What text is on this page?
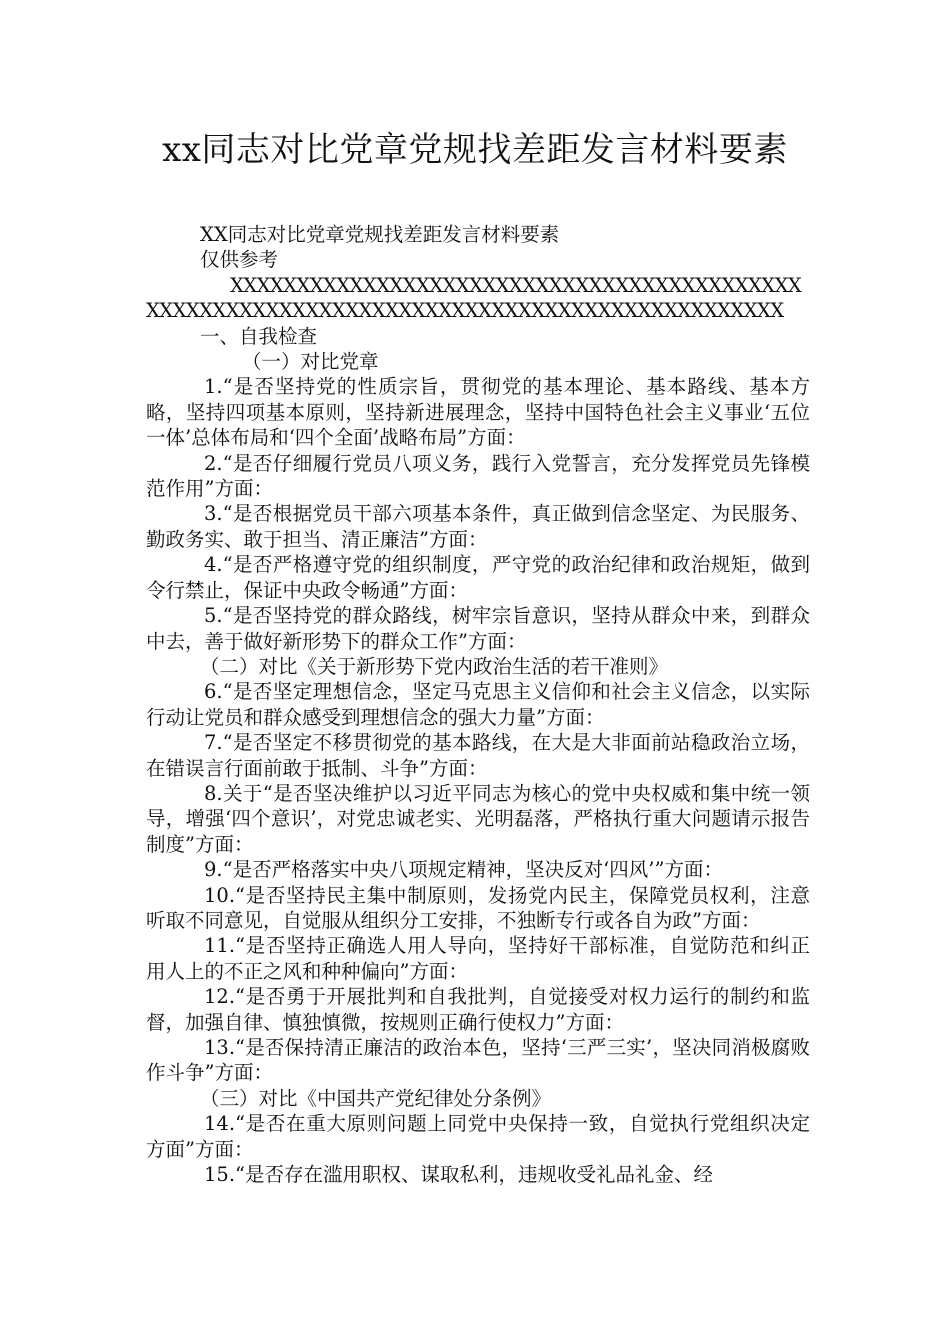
xx同志对比党章党规找差距发言材料要素

XX同志对比党章党规找差距发言材料要素

仅供参考

XXXXXXXXXXXXXXXXXXXXXXXXXXXXXXXXXXXXXXXXXXXXXXXXXXXXXXXXXXXXXXXXXXXXXXXXXXXXXXXXXXXXXXXXXXX

一、自我检查

（一）对比党章

1.“是否坚持党的性质宗旨，贯彻党的基本理论、基本路线、基本方略，坚持四项基本原则，坚持新进展理念，坚持中国特色社会主义事业‘五位一体’总体布局和‘四个全面’战略布局”方面：

2.“是否仔细履行党员八项义务，践行入党誓言，充分发挥党员先锋模范作用”方面：

3.“是否根据党员干部六项基本条件，真正做到信念坚定、为民服务、勤政务实、敢于担当、清正廉洁”方面：

4.“是否严格遵守党的组织制度，严守党的政治纪律和政治规矩，做到令行禁止，保证中央政令畅通”方面：

5.“是否坚持党的群众路线，树牢宗旨意识，坚持从群众中来，到群众中去，善于做好新形势下的群众工作”方面：

（二）对比《关于新形势下党内政治生活的若干准则》

6.“是否坚定理想信念，坚定马克思主义信仰和社会主义信念，以实际行动让党员和群众感受到理想信念的强大力量”方面：

7.“是否坚定不移贯彻党的基本路线，在大是大非面前站稳政治立场，在错误言行面前敢于抵制、斗争”方面：

8.关于“是否坚决维护以习近平同志为核心的党中央权威和集中统一领导，增强‘四个意识’，对党忠诚老实、光明磊落，严格执行重大问题请示报告制度”方面：

9.“是否严格落实中央八项规定精神，坚决反对‘四风’”方面：

10.“是否坚持民主集中制原则，发扬党内民主，保障党员权利，注意听取不同意见，自觉服从组织分工安排，不独断专行或各自为政”方面：

11.“是否坚持正确选人用人导向，坚持好干部标准，自觉防范和纠正用人上的不正之风和种种偏向”方面：

12.“是否勇于开展批判和自我批判，自觉接受对权力运行的制约和监督，加强自律、慎独慎微，按规则正确行使权力”方面：

13.“是否保持清正廉洁的政治本色，坚持‘三严三实’，坚决同消极腐败作斗争”方面：

（三）对比《中国共产党纪律处分条例》

14.“是否在重大原则问题上同党中央保持一致，自觉执行党组织决定方面”方面：

15.“是否存在滥用职权、谋取私利，违规收受礼品礼金、经
